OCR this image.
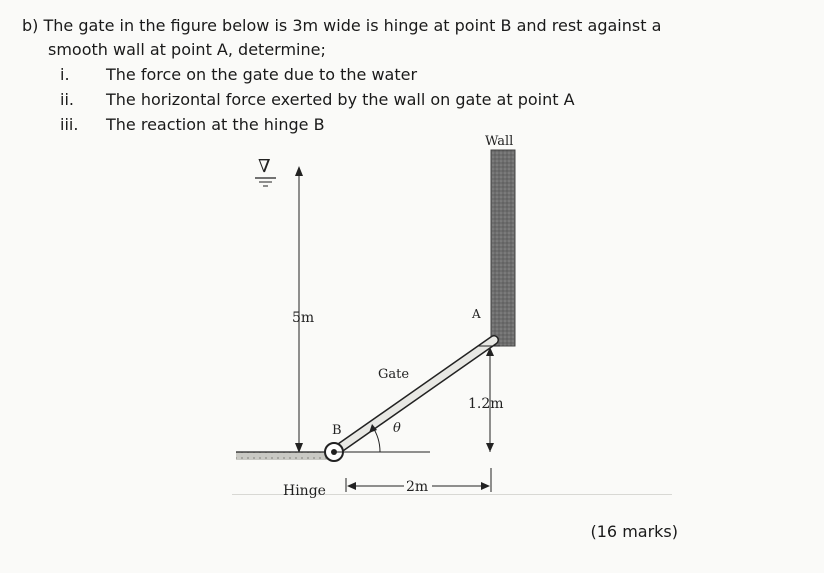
b) The gate in the figure below is 3m wide is hinge at point B and rest against a
smooth wall at point A, determine;
i. The force on the gate due to the water
ii. The horizontal force exerted by the wall on gate at point A
iii. The reaction at the hinge B
Wall
∇
5m
Gate
B
A
θ
1.2m
2m
Hinge
(16 marks)
